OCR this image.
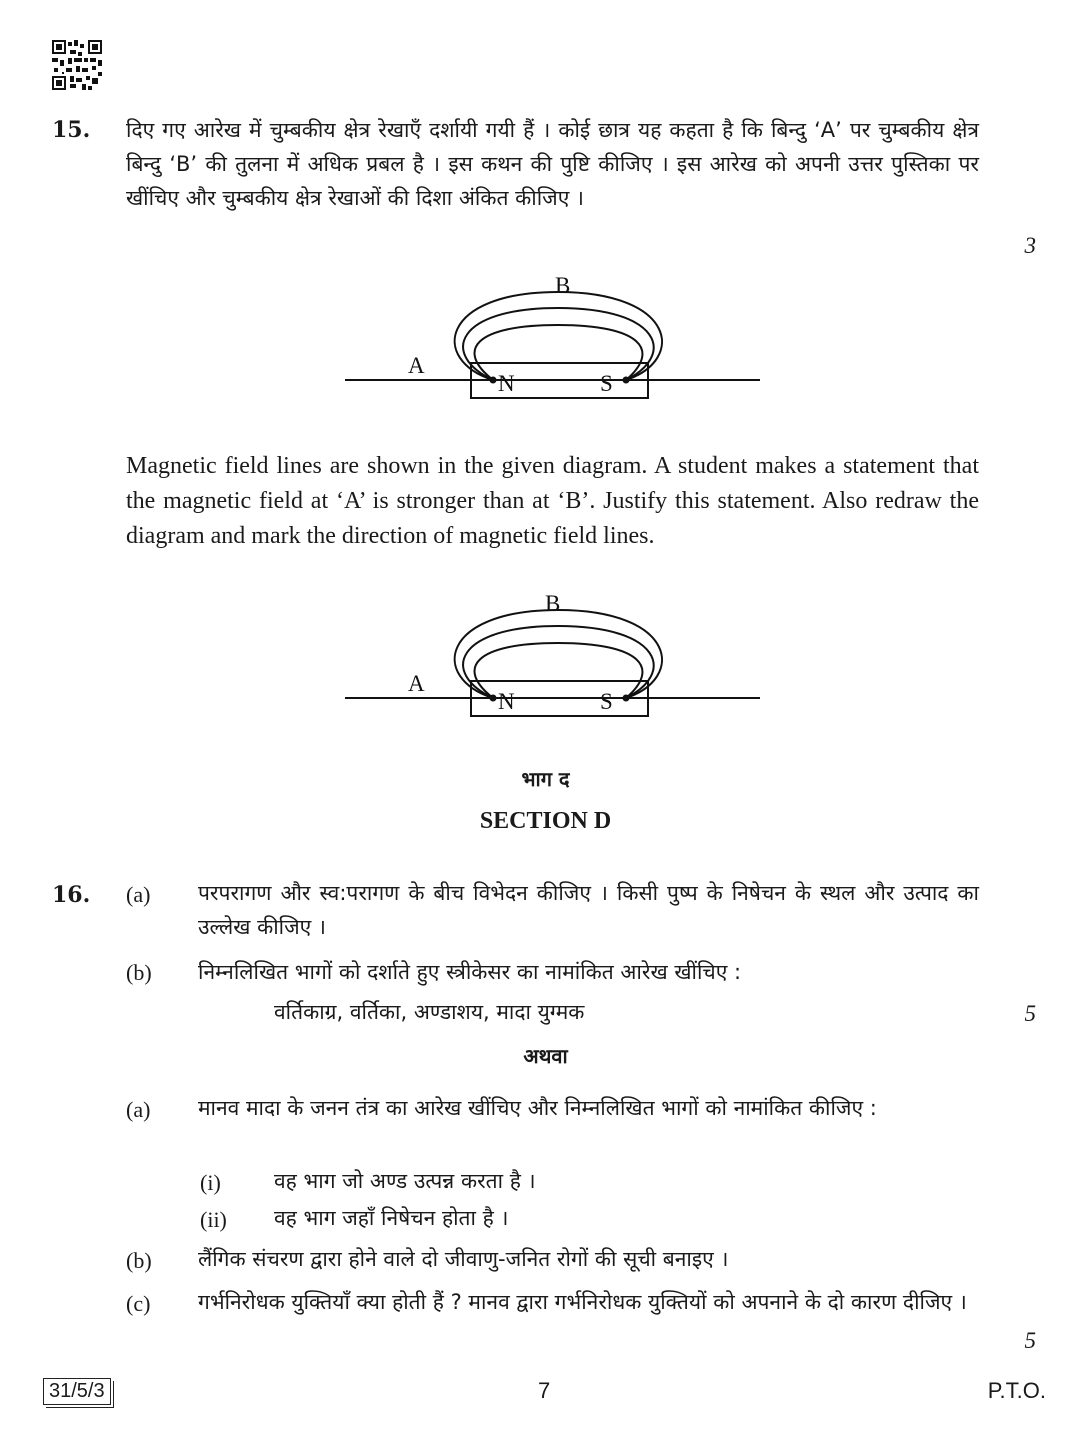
15. दिए गए आरेख में चुम्बकीय क्षेत्र रेखाएँ दर्शायी गयी हैं । कोई छात्र यह कहता है कि बिन्दु ‘A’ पर चुम्बकीय क्षेत्र बिन्दु ‘B’ की तुलना में अधिक प्रबल है । इस कथन की पुष्टि कीजिए । इस आरेख को अपनी उत्तर पुस्तिका पर खींचिए और चुम्बकीय क्षेत्र रेखाओं की दिशा अंकित कीजिए ।
3
B
A
N	S
Magnetic field lines are shown in the given diagram. A student makes a statement that the magnetic field at ‘A’ is stronger than at ‘B’. Justify this statement. Also redraw the diagram and mark the direction of magnetic field lines.
B
A
N	S
भाग द
SECTION D
16. (a) परपरागण और स्व:परागण के बीच विभेदन कीजिए । किसी पुष्प के निषेचन के स्थल और उत्पाद का उल्लेख कीजिए ।
(b) निम्नलिखित भागों को दर्शाते हुए स्त्रीकेसर का नामांकित आरेख खींचिए :
वर्तिकाग्र, वर्तिका, अण्डाशय, मादा युग्मक	5
अथवा
(a) मानव मादा के जनन तंत्र का आरेख खींचिए और निम्नलिखित भागों को नामांकित कीजिए :
(i)	वह भाग जो अण्ड उत्पन्न करता है ।
(ii) वह भाग जहाँ निषेचन होता है ।
(b) लैंगिक संचरण द्वारा होने वाले दो जीवाणु-जनित रोगों की सूची बनाइए ।
(c) गर्भनिरोधक युक्तियाँ क्या होती हैं ? मानव द्वारा गर्भनिरोधक युक्तियों को अपनाने के दो कारण दीजिए ।
5
31/5/3	7	P.T.O.
